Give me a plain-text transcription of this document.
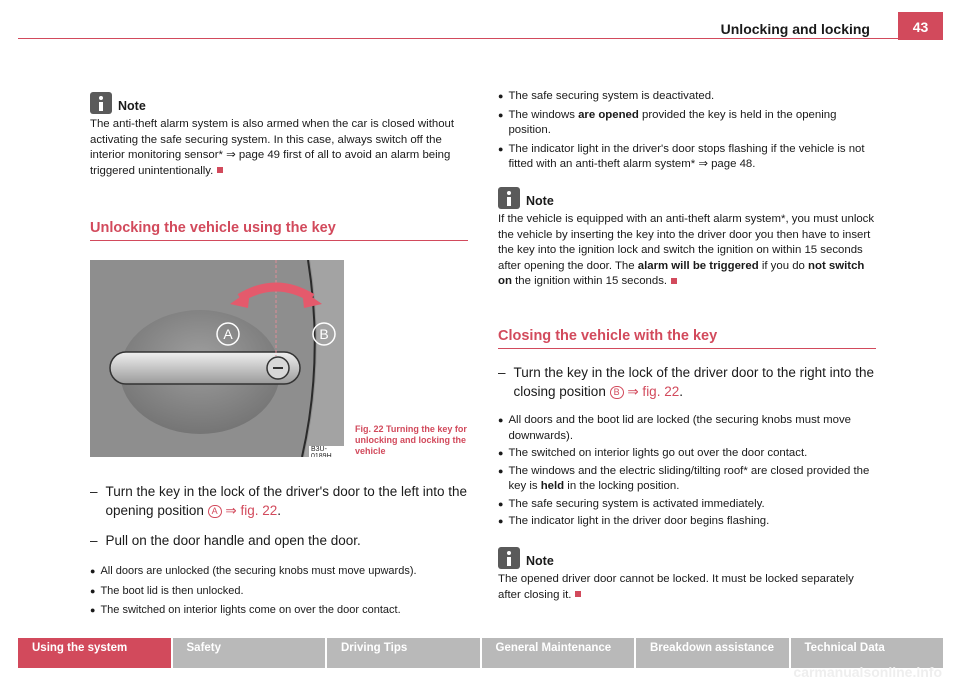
Unlocking and locking	43
Note

The anti-theft alarm system is also armed when the car is closed without activating the safe securing system. In this case, always switch off the interior monitoring sensor* ⇒ page 49 first of all to avoid an alarm being triggered unintentionally.

Unlocking the vehicle using the key
A	B
B3U-0189H
Fig. 22 Turning the key for unlocking and locking the vehicle
– Turn the key in the lock of the driver's door to the left into the opening position A ⇒ fig. 22.
– Pull on the door handle and open the door.
● All doors are unlocked (the securing knobs must move upwards).
● The boot lid is then unlocked.
● The switched on interior lights come on over the door contact.
● The safe securing system is deactivated.
● The windows are opened provided the key is held in the opening position.
● The indicator light in the driver's door stops flashing if the vehicle is not fitted with an anti-theft alarm system* ⇒ page 48.
Note

If the vehicle is equipped with an anti-theft alarm system*, you must unlock the vehicle by inserting the key into the driver door you then have to insert the key into the ignition lock and switch the ignition on within 15 seconds after opening the door. The alarm will be triggered if you do not switch on the ignition within 15 seconds.

Closing the vehicle with the key
– Turn the key in the lock of the driver door to the right into the closing position B ⇒ fig. 22.
● All doors and the boot lid are locked (the securing knobs must move downwards).
● The switched on interior lights go out over the door contact.
● The windows and the electric sliding/tilting roof* are closed provided the key is held in the locking position.
● The safe securing system is activated immediately.
● The indicator light in the driver door begins flashing.
Note

The opened driver door cannot be locked. It must be locked separately after closing it.

Using the system	Safety	Driving Tips	General Maintenance	Breakdown assistance	Technical Data
carmanualsonline.info
